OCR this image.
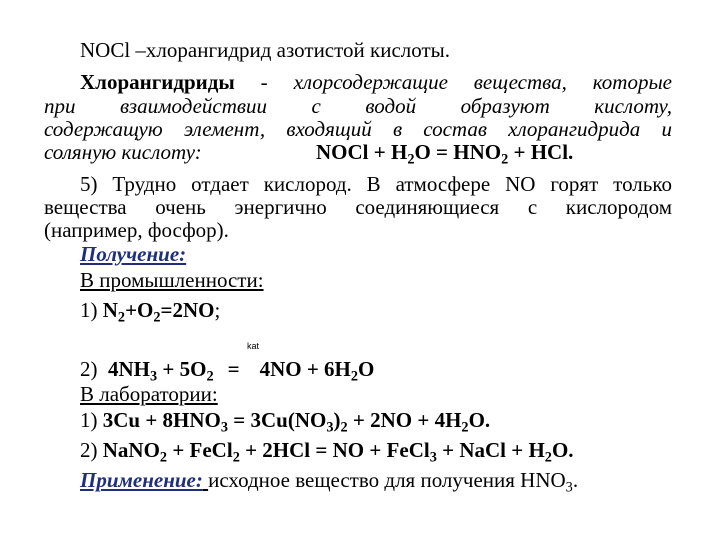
NOCl –хлорангидрид азотистой кислоты.
Хлорангидриды - хлорсодержащие вещества, которые
при взаимодействии с водой образуют кислоту,
содержащую элемент, входящий в состав хлорангидрида и
соляную кислоту:	NOCl + $H_2O = HNO_2$ + HCl.
5) Трудно отдает кислород. В атмосфере NO горят только
вещества очень энергично соединяющиеся с кислородом
(например, фосфор).
Получение:
В промышленности:
1) $N_2+O_2=2NO$;
kat
2)  $4NH_3 + 5O_2 = 4NO + 6H_2O$
В лаборатории:
1) $3Cu + 8HNO_3 = 3Cu(NO_3)_2 + 2NO + 4H_2O$.
2) NaNO$_2$ + FeCl$_2$ + 2HCl = NO + FeCl$_3$ + NaCl + $H_2O$.
Применение: исходное вещество для получения $HNO_3$.
